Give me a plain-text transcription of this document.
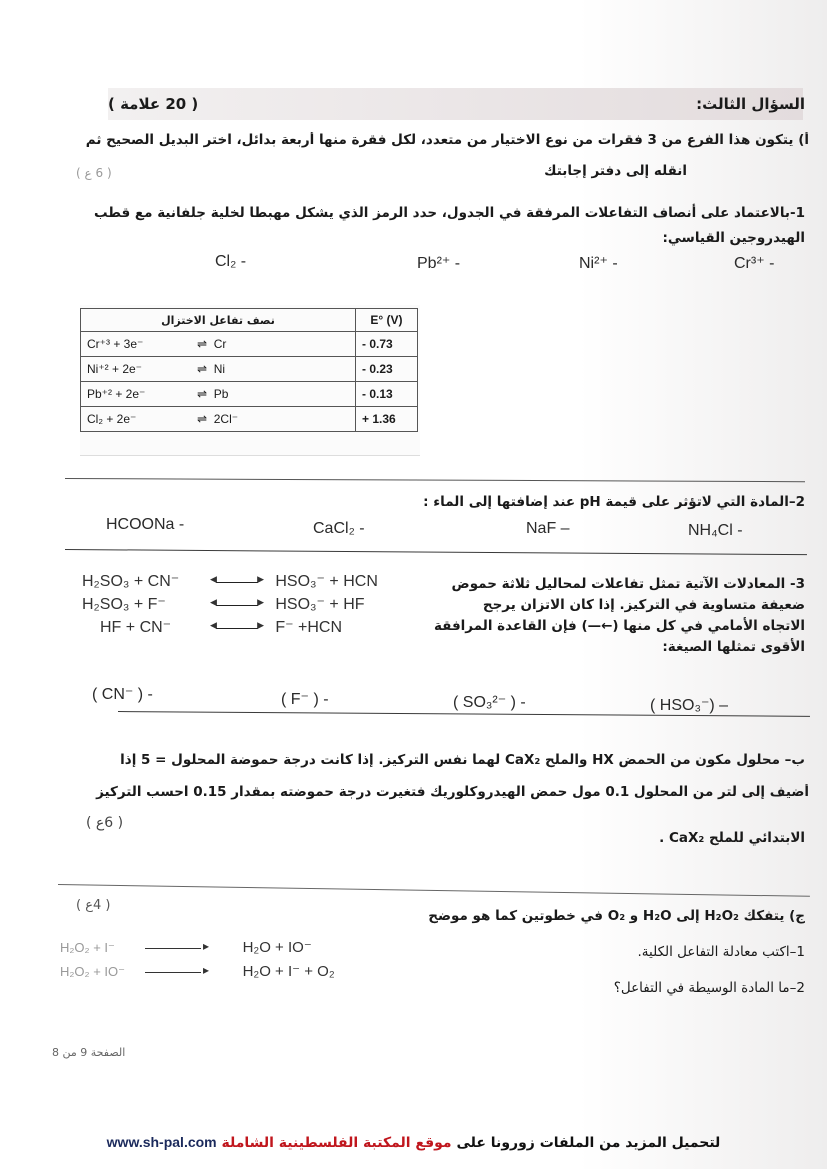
السؤال الثالث:
( 20 علامة )
أ) يتكون هذا الفرع من 3 فقرات من نوع الاختيار من متعدد، لكل فقرة منها أربعة بدائل، اختر البديل الصحيح ثم
انقله إلى دفتر إجابتك
( 6 ع )
1-بالاعتماد على أنصاف التفاعلات المرفقة في الجدول، حدد الرمز الذي يشكل مهبطا لخلية جلفانية مع قطب
الهيدروجين القياسي:
Cr³⁺ -
Ni²⁺ -
Pb²⁺ -
Cl₂ -
نصف تفاعل الاختزال	E° (V)
Cr⁺³ + 3e⁻ ⇌ Cr	- 0.73
Ni⁺² + 2e⁻ ⇌ Ni	- 0.23
Pb⁺² + 2e⁻ ⇌ Pb	- 0.13
Cl₂ + 2e⁻ ⇌ 2Cl⁻	+ 1.36
2–المادة التي لاتؤثر على قيمة pH عند إضافتها إلى الماء :
NH₄Cl -
NaF –
CaCl₂ -
HCOONa -
H₂SO₃ + CN⁻	▶
◀ HSO₃⁻ + HCN
H₂SO₃ + F⁻	▶
◀ HSO₃⁻ + HF
HF + CN⁻	▶
◀ F⁻ +HCN
3- المعادلات الآتية تمثل تفاعلات لمحاليل ثلاثة حموض
ضعيفة متساوية في التركيز. إذا كان الاتزان يرجح
الاتجاه الأمامي في كل منها (←—) فإن القاعدة المرافقة
الأقوى تمثلها الصيغة:
( HSO₃⁻) –
( SO₃²⁻ ) -
( F⁻ ) -
( CN⁻ ) -
ب– محلول مكون من الحمض HX والملح CaX₂ لهما نفس التركيز. إذا كانت درجة حموضة المحلول = 5 إذا
أضيف إلى لتر من المحلول 0.1 مول حمض الهيدروكلوريك فتغيرت درجة حموضته بمقدار 0.15 احسب التركيز
الابتدائي للملح CaX₂ .
( 6ع )
( 4ع )
ج) يتفكك H₂O₂ إلى H₂O و O₂ في خطوتين كما هو موضح
1–اكتب معادلة التفاعل الكلية.
2–ما المادة الوسيطة في التفاعل؟
H₂O₂ + I⁻ ▸	H₂O + IO⁻
H₂O₂ + IO⁻ ▸	H₂O + I⁻ + O₂
الصفحة 9 من 8
لتحميل المزيد من الملفات زورونا على موقع المكتبة الفلسطينية الشاملة www.sh-pal.com
